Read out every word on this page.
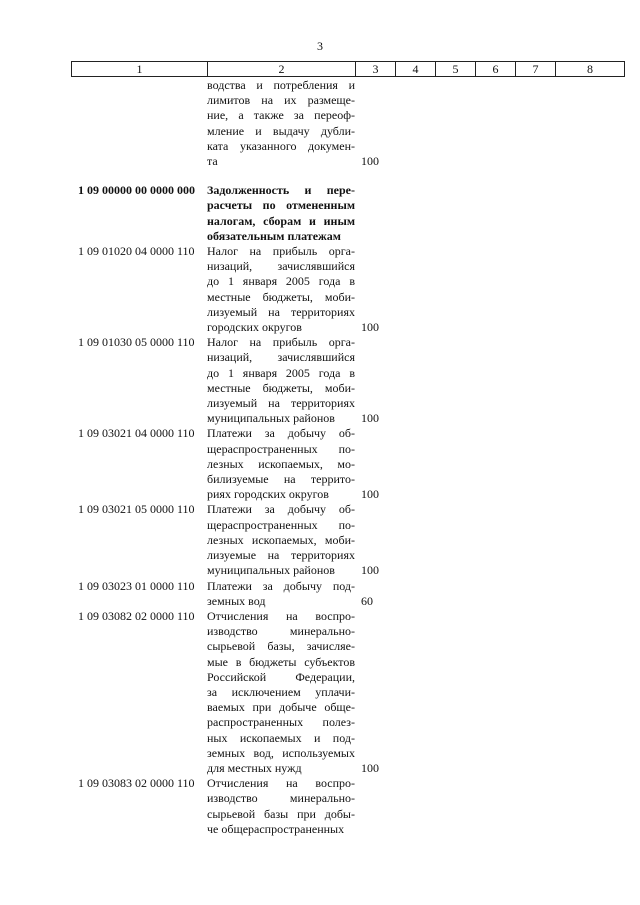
3
1	2	3	4	5	6	7	8
водства и потребления и
лимитов на их размеще-
ние, а также за переоф-
мление и выдачу дубли-
ката указанного докумен-
та	100
1 09 00000 00 0000 000	Задолженность и пере-
расчеты по отмененным
налогам, сборам и иным
обязательным платежам
1 09 01020 04 0000 110	Налог на прибыль орга-
низаций, зачислявшийся
до 1 января 2005 года в
местные бюджеты, моби-
лизуемый на территориях
городских округов	100
1 09 01030 05 0000 110	Налог на прибыль орга-
низаций, зачислявшийся
до 1 января 2005 года в
местные бюджеты, моби-
лизуемый на территориях
муниципальных районов	100
1 09 03021 04 0000 110	Платежи за добычу об-
щераспространенных по-
лезных ископаемых, мо-
билизуемые на террито-
риях городских округов	100
1 09 03021 05 0000 110	Платежи за добычу об-
щераспространенных по-
лезных ископаемых, моби-
лизуемые на территориях
муниципальных районов	100
1 09 03023 01 0000 110	Платежи за добычу под-
земных вод	60
1 09 03082 02 0000 110	Отчисления на воспро-
изводство минерально-
сырьевой базы, зачисляе-
мые в бюджеты субъектов
Российской Федерации,
за исключением уплачи-
ваемых при добыче обще-
распространенных полез-
ных ископаемых и под-
земных вод, используемых
для местных нужд	100
1 09 03083 02 0000 110	Отчисления на воспро-
изводство минерально-
сырьевой базы при добы-
че общераспространенных
